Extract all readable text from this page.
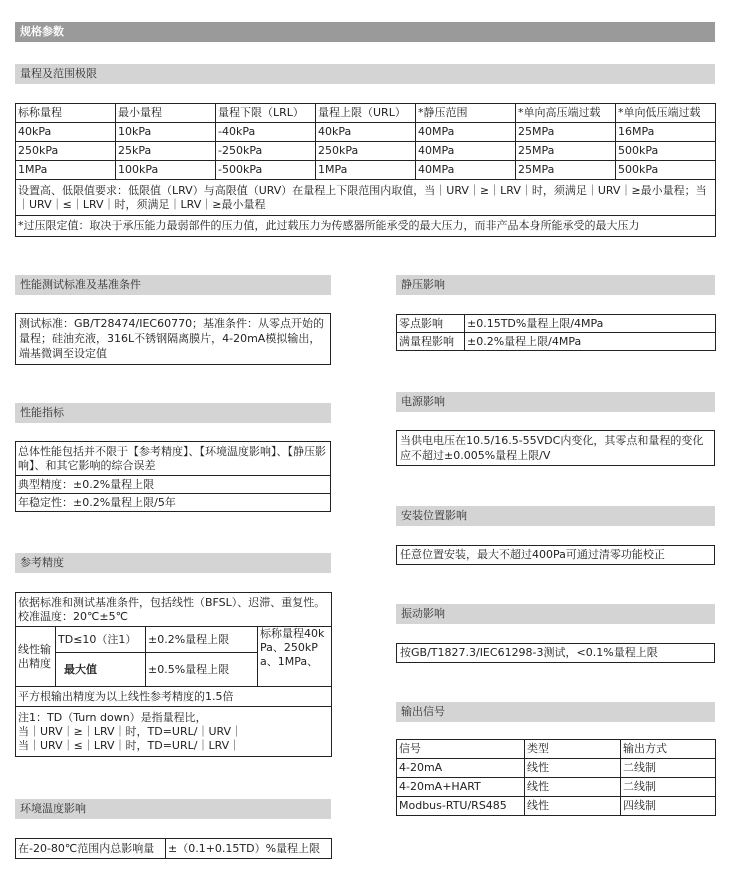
规格参数
量程及范围极限
标称量程	最小量程	量程下限（LRL）	量程上限（URL）	*静压范围	*单向高压端过载	*单向低压端过载
40kPa	10kPa	-40kPa	40kPa	40MPa	25MPa	16MPa
250kPa	25kPa	-250kPa	250kPa	40MPa	25MPa	500kPa
1MPa	100kPa	-500kPa	1MPa	40MPa	25MPa	500kPa
设置高、低限值要求：低限值（LRV）与高限值（URV）在量程上下限范围内取值，当｜URV｜≥｜LRV｜时，须满足｜URV｜≥最小量程；当｜URV｜≤｜LRV｜时，须满足｜LRV｜≥最小量程						
*过压限定值：取决于承压能力最弱部件的压力值，此过载压力为传感器所能承受的最大压力，而非产品本身所能承受的最大压力						
性能测试标准及基准条件
测试标准：GB/T28474/IEC60770；基准条件：从零点开始的量程；硅油充液，316L不锈钢隔离膜片，4-20mA模拟输出，端基微调至设定值
性能指标
总体性能包括并不限于【参考精度】、【环境温度影响】、【静压影响】、和其它影响的综合误差
典型精度：±0.2%量程上限
年稳定性：±0.2%量程上限/5年
参考精度
依据标准和测试基准条件，包括线性（BFSL）、迟滞、重复性。校准温度：20℃±5℃			
线性输出精度	TD≤10（注1）	±0.2%量程上限	标称量程40kPa、250kPa、1MPa、
	最大值	±0.5%量程上限	
平方根输出精度为以上线性参考精度的1.5倍			

注1：TD（Turn down）是指量程比，
当｜URV｜≥｜LRV｜时，TD=URL/｜URV｜
当｜URV｜≤｜LRV｜时，TD=URL/｜LRV｜			
环境温度影响
在-20-80℃范围内总影响量	±（0.1+0.15TD）%量程上限
静压影响
零点影响	±0.15TD%量程上限/4MPa
满量程影响	±0.2%量程上限/4MPa
电源影响
当供电电压在10.5/16.5-55VDC内变化，其零点和量程的变化应不超过±0.005%量程上限/V
安装位置影响
任意位置安装，最大不超过400Pa可通过清零功能校正
振动影响
按GB/T1827.3/IEC61298-3测试，<0.1%量程上限
输出信号
信号	类型	输出方式
4-20mA	线性	二线制
4-20mA+HART	线性	二线制
Modbus-RTU/RS485	线性	四线制
